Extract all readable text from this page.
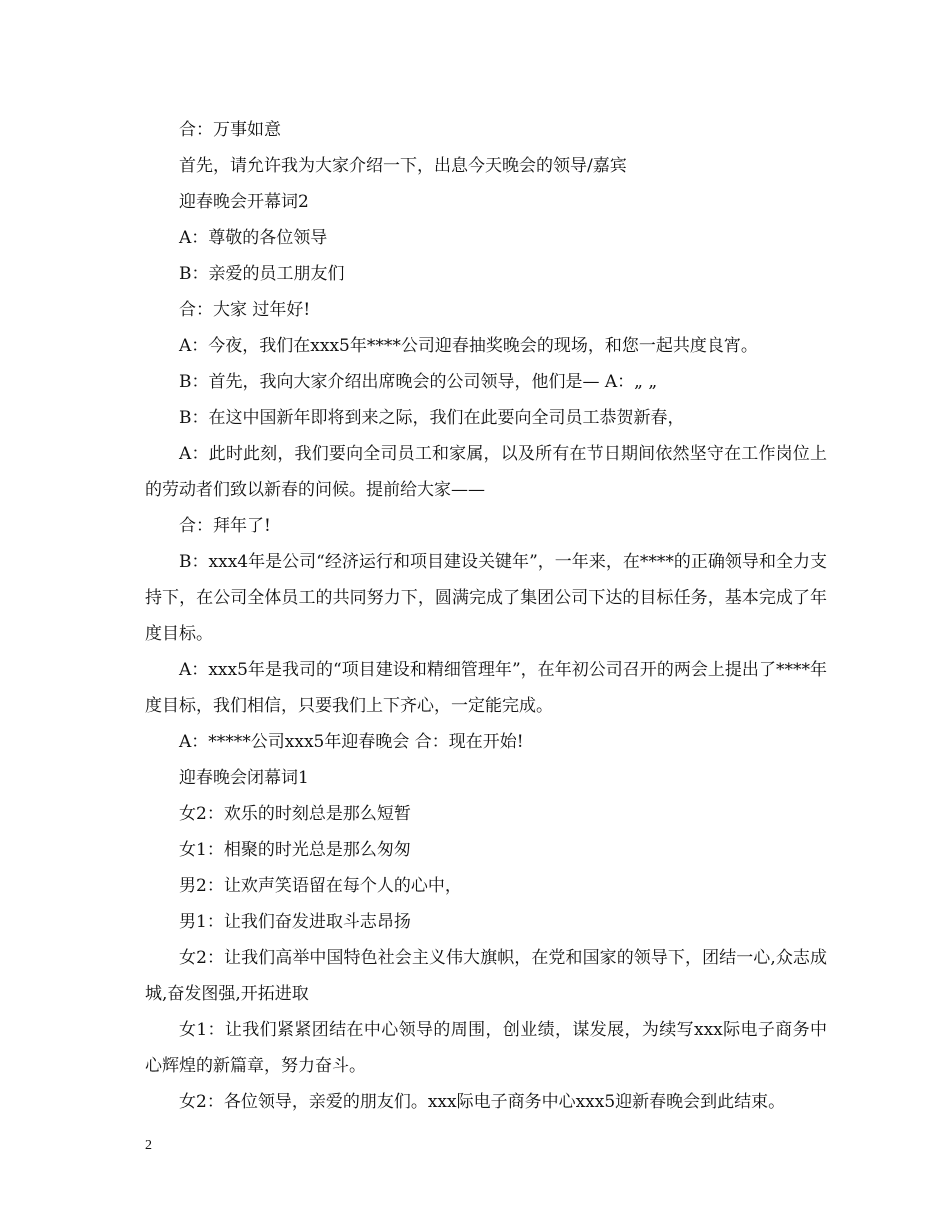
合：万事如意

首先，请允许我为大家介绍一下，出息今天晚会的领导/嘉宾

迎春晚会开幕词2

A：尊敬的各位领导

B：亲爱的员工朋友们

合：大家 过年好!

A：今夜，我们在xxx5年****公司迎春抽奖晚会的现场，和您一起共度良宵。

B：首先，我向大家介绍出席晚会的公司领导，他们是— A：„ „

B：在这中国新年即将到来之际，我们在此要向全司员工恭贺新春，

A：此时此刻，我们要向全司员工和家属，以及所有在节日期间依然坚守在工作岗位上的劳动者们致以新春的问候。提前给大家——

合：拜年了!

B：xxx4年是公司“经济运行和项目建设关键年”，一年来，在****的正确领导和全力支持下，在公司全体员工的共同努力下，圆满完成了集团公司下达的目标任务，基本完成了年度目标。

A：xxx5年是我司的“项目建设和精细管理年”，在年初公司召开的两会上提出了****年度目标，我们相信，只要我们上下齐心，一定能完成。

A：*****公司xxx5年迎春晚会 合：现在开始!

迎春晚会闭幕词1

女2：欢乐的时刻总是那么短暂

女1：相聚的时光总是那么匆匆

男2：让欢声笑语留在每个人的心中，

男1：让我们奋发进取斗志昂扬

女2：让我们高举中国特色社会主义伟大旗帜，在党和国家的领导下，团结一心,众志成城,奋发图强,开拓进取

女1：让我们紧紧团结在中心领导的周围，创业绩，谋发展，为续写xxx际电子商务中心辉煌的新篇章，努力奋斗。

女2：各位领导，亲爱的朋友们。xxx际电子商务中心xxx5迎新春晚会到此结束。

2
